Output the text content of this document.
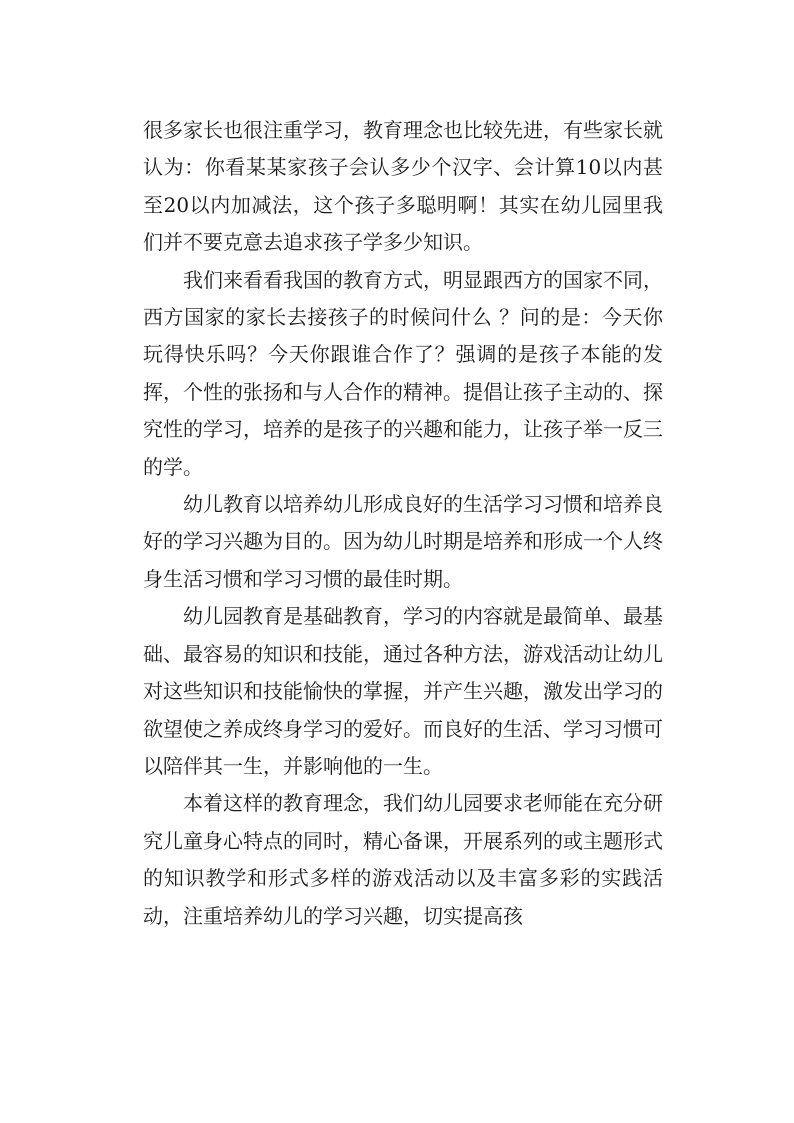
很多家长也很注重学习，教育理念也比较先进，有些家长就认为：你看某某家孩子会认多少个汉字、会计算10以内甚至20以内加减法，这个孩子多聪明啊！其实在幼儿园里我们并不要克意去追求孩子学多少知识。

我们来看看我国的教育方式，明显跟西方的国家不同，西方国家的家长去接孩子的时候问什么 ？问的是：今天你玩得快乐吗？今天你跟谁合作了？强调的是孩子本能的发挥，个性的张扬和与人合作的精神。提倡让孩子主动的、探究性的学习，培养的是孩子的兴趣和能力，让孩子举一反三的学。

幼儿教育以培养幼儿形成良好的生活学习习惯和培养良好的学习兴趣为目的。因为幼儿时期是培养和形成一个人终身生活习惯和学习习惯的最佳时期。

幼儿园教育是基础教育，学习的内容就是最简单、最基础、最容易的知识和技能，通过各种方法，游戏活动让幼儿对这些知识和技能愉快的掌握，并产生兴趣，激发出学习的欲望使之养成终身学习的爱好。而良好的生活、学习习惯可以陪伴其一生，并影响他的一生。

本着这样的教育理念，我们幼儿园要求老师能在充分研究儿童身心特点的同时，精心备课，开展系列的或主题形式的知识教学和形式多样的游戏活动以及丰富多彩的实践活动，注重培养幼儿的学习兴趣，切实提高孩
